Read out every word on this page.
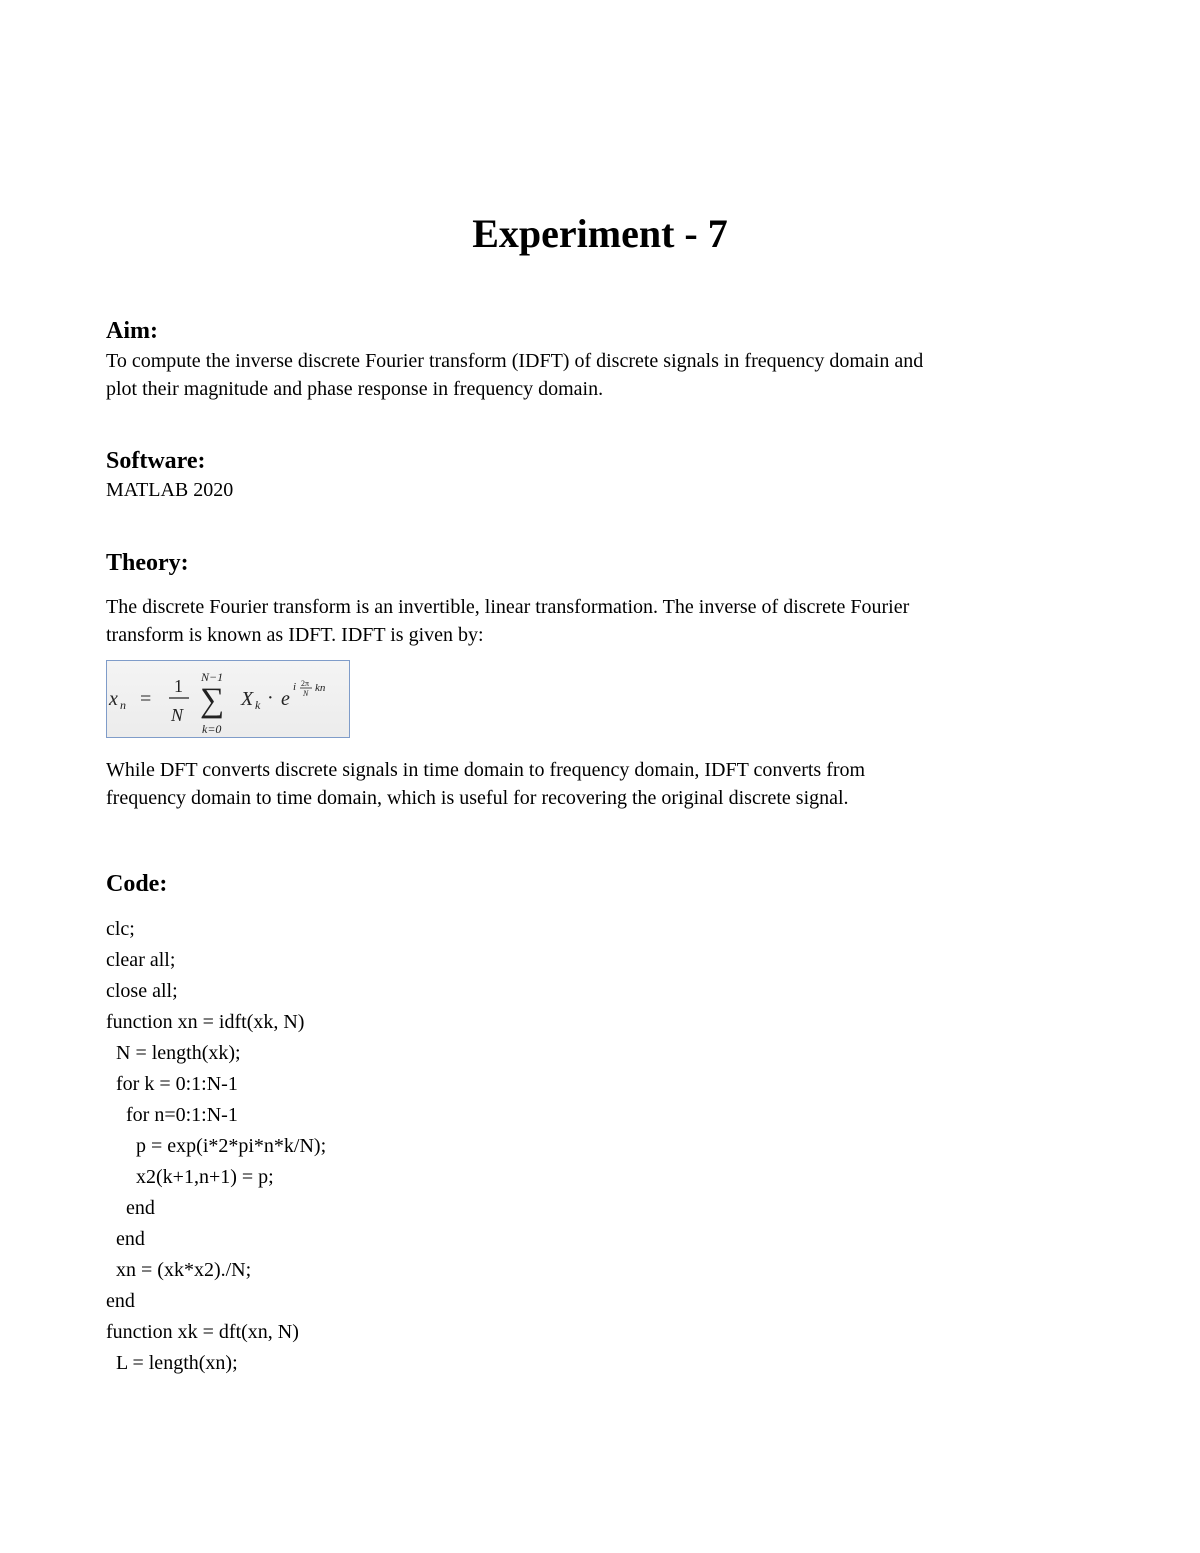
Experiment - 7
Aim:

To compute the inverse discrete Fourier transform (IDFT) of discrete signals in frequency domain and

plot their magnitude and phase response in frequency domain.

Software:

MATLAB 2020

Theory:

The discrete Fourier transform is an invertible, linear transformation. The inverse of discrete Fourier

transform is known as IDFT. IDFT is given by:

x n =
1
N
N−1
∑
k=0
X k · e
i 2π
N kn

While DFT converts discrete signals in time domain to frequency domain, IDFT converts from

frequency domain to time domain, which is useful for recovering the original discrete signal.

Code:
clc;
clear all;
close all;
function xn = idft(xk, N)
N = length(xk);
for k = 0:1:N-1
for n=0:1:N-1
p = exp(i*2*pi*n*k/N);
x2(k+1,n+1) = p;
end
end
xn = (xk*x2)./N;
end
function xk = dft(xn, N)
L = length(xn);
